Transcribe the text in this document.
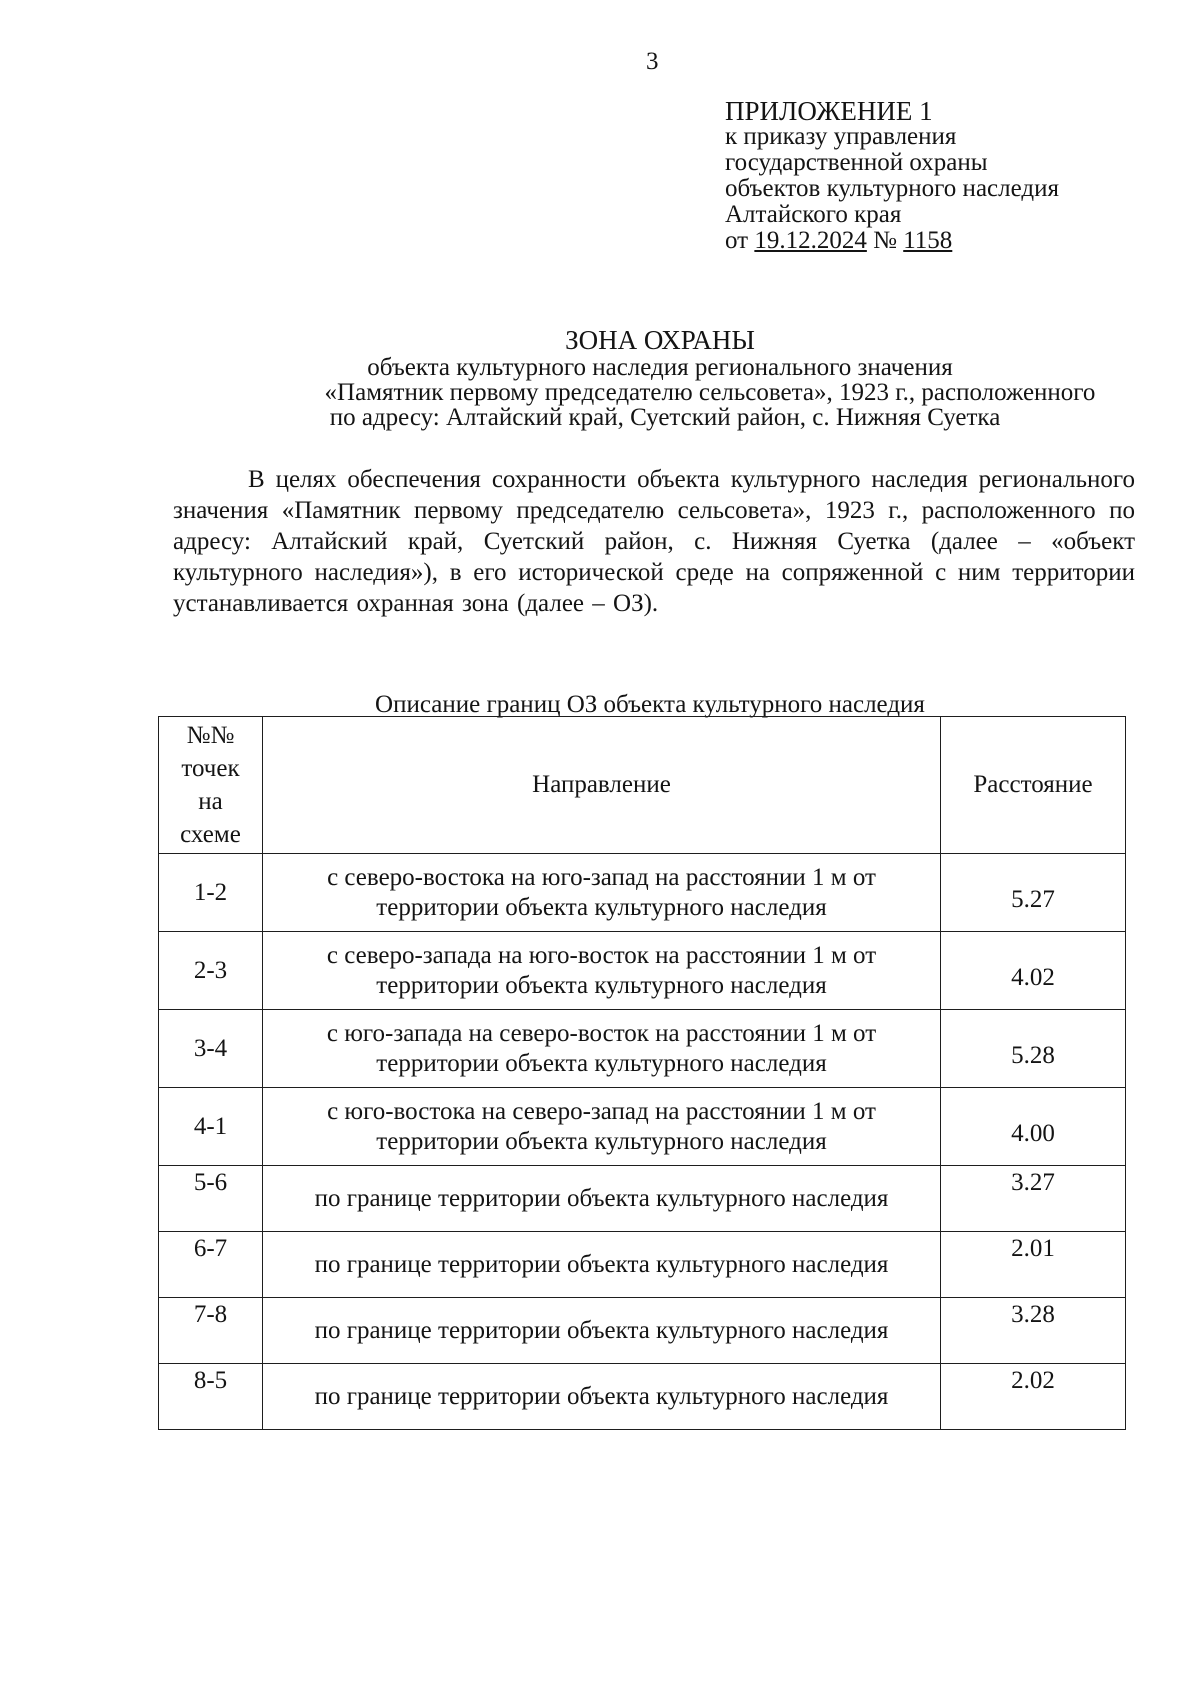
3
ПРИЛОЖЕНИЕ 1
к приказу управления
государственной охраны
объектов культурного наследия
Алтайского края
от 19.12.2024 № 1158
ЗОНА ОХРАНЫ
объекта культурного наследия регионального значения
«Памятник первому председателю сельсовета», 1923 г., расположенного
по адресу: Алтайский край, Суетский район, с. Нижняя Суетка
В целях обеспечения сохранности объекта культурного наследия регионального значения «Памятник первому председателю сельсовета», 1923 г., расположенного по адресу: Алтайский край, Суетский район, с. Нижняя Суетка (далее – «объект культурного наследия»), в его исторической среде на сопряженной с ним территории устанавливается охранная зона (далее – ОЗ).
Описание границ ОЗ объекта культурного наследия
№№
точек
на
схеме	Направление	Расстояние
1-2	с северо-востока на юго-запад на расстоянии 1 м от территории объекта культурного наследия	5.27
2-3	с северо-запада на юго-восток на расстоянии 1 м от территории объекта культурного наследия	4.02
3-4	с юго-запада на северо-восток на расстоянии 1 м от территории объекта культурного наследия	5.28
4-1	с юго-востока на северо-запад на расстоянии 1 м от территории объекта культурного наследия	4.00
5-6	по границе территории объекта культурного наследия	3.27
6-7	по границе территории объекта культурного наследия	2.01
7-8	по границе территории объекта культурного наследия	3.28
8-5	по границе территории объекта культурного наследия	2.02
